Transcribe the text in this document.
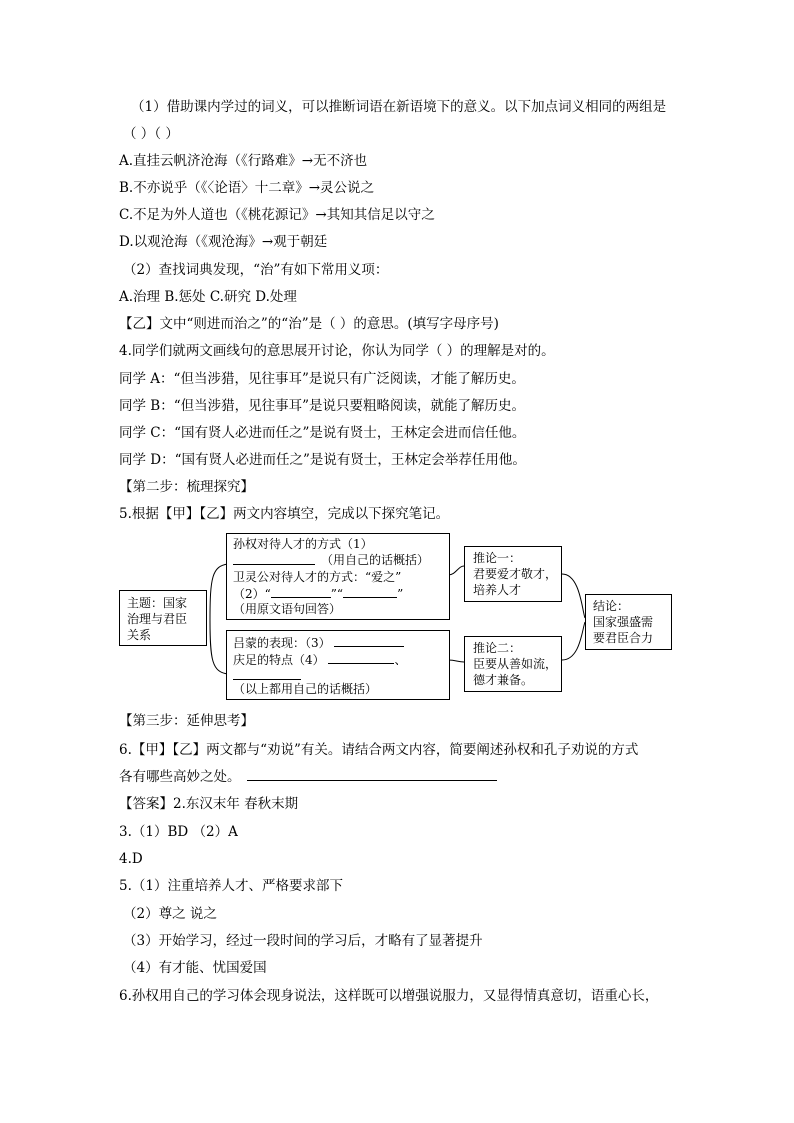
（1）借助课内学过的词义，可以推断词语在新语境下的意义。以下加点词义相同的两组是
（ ）（ ）
A.直挂云帆济沧海（《行路难》→无不济也
B.不亦说乎（《〈论语〉十二章》→灵公说之
C.不足为外人道也（《桃花源记》→其知其信足以守之
D.以观沧海（《观沧海》→观于朝廷
（2）查找词典发现，“治”有如下常用义项：
A.治理 B.惩处 C.研究 D.处理
【乙】文中“则进而治之”的“治”是（ ）的意思。(填写字母序号)
4.同学们就两文画线句的意思展开讨论，你认为同学（ ）的理解是对的。
同学 A：“但当涉猎，见往事耳”是说只有广泛阅读，才能了解历史。
同学 B：“但当涉猎，见往事耳”是说只要粗略阅读，就能了解历史。
同学 C：“国有贤人必进而任之”是说有贤士，王林定会进而信任他。
同学 D：“国有贤人必进而任之”是说有贤士，王林定会举荐任用他。
【第二步：梳理探究】
5.根据【甲】【乙】两文内容填空，完成以下探究笔记。
主题：国家
治理与君臣
关系
孙权对待人才的方式（1）
（用自己的话概括）
卫灵公对待人才的方式：“爱之”
（2）“	”“	”
（用原文语句回答）
吕蒙的表现：（3）
庆足的特点（4）	、
（以上都用自己的话概括）
推论一：
君要爱才敬才，
培养人才
推论二：
臣要从善如流，
德才兼备。
结论：
国家强盛需
要君臣合力
【第三步：延伸思考】
6.【甲】【乙】两文都与“劝说”有关。请结合两文内容，简要阐述孙权和孔子劝说的方式
各有哪些高妙之处。
【答案】2.东汉末年 春秋末期
3.（1）BD （2）A
4.D
5.（1）注重培养人才、严格要求部下
（2）尊之 说之
（3）开始学习，经过一段时间的学习后，才略有了显著提升
（4）有才能、忧国爱国
6.孙权用自己的学习体会现身说法，这样既可以增强说服力，又显得情真意切，语重心长，
